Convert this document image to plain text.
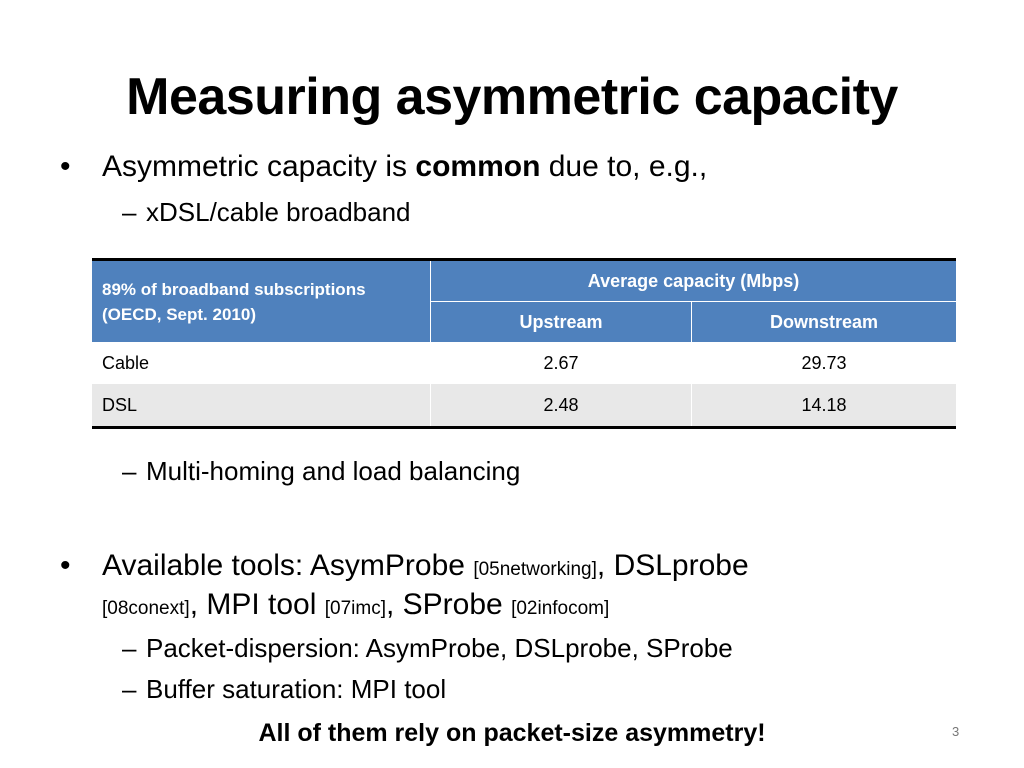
Measuring asymmetric capacity
• Asymmetric capacity is common due to, e.g.,
– xDSL/cable broadband
89% of broadband subscriptions
(OECD, Sept. 2010)	Average capacity (Mbps)	
	Upstream	Downstream
Cable	2.67	29.73
DSL	2.48	14.18
– Multi-homing and load balancing
• Available tools: AsymProbe [05networking], DSLprobe
[08conext], MPI tool [07imc], SProbe [02infocom]
– Packet-dispersion: AsymProbe, DSLprobe, SProbe
– Buffer saturation: MPI tool
All of them rely on packet-size asymmetry!	3
